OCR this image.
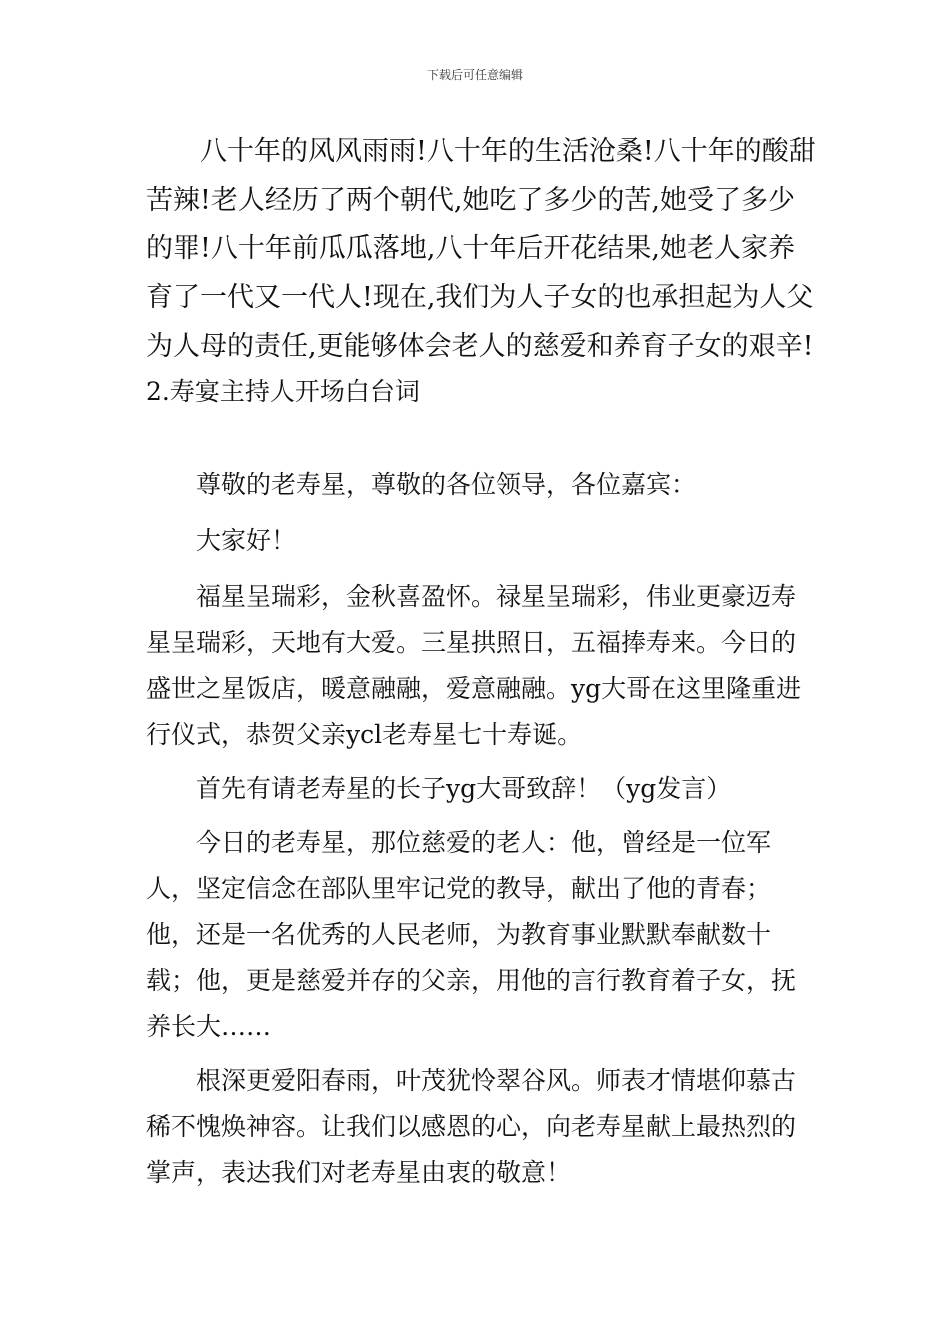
下载后可任意编辑

八十年的风风雨雨!八十年的生活沧桑!八十年的酸甜苦辣!老人经历了两个朝代,她吃了多少的苦,她受了多少的罪!八十年前瓜瓜落地,八十年后开花结果,她老人家养育了一代又一代人!现在,我们为人子女的也承担起为人父为人母的责任,更能够体会老人的慈爱和养育子女的艰辛!

2.寿宴主持人开场白台词

尊敬的老寿星，尊敬的各位领导，各位嘉宾：

大家好！

福星呈瑞彩，金秋喜盈怀。禄星呈瑞彩，伟业更豪迈寿星呈瑞彩，天地有大爱。三星拱照日，五福捧寿来。今日的盛世之星饭店，暖意融融，爱意融融。yg大哥在这里隆重进行仪式，恭贺父亲ycl老寿星七十寿诞。

首先有请老寿星的长子yg大哥致辞！（yg发言）

今日的老寿星，那位慈爱的老人：他，曾经是一位军人，坚定信念在部队里牢记党的教导，献出了他的青春；他，还是一名优秀的人民老师，为教育事业默默奉献数十载；他，更是慈爱并存的父亲，用他的言行教育着子女，抚养长大……

根深更爱阳春雨，叶茂犹怜翠谷风。师表才情堪仰慕古稀不愧焕神容。让我们以感恩的心，向老寿星献上最热烈的掌声，表达我们对老寿星由衷的敬意！
